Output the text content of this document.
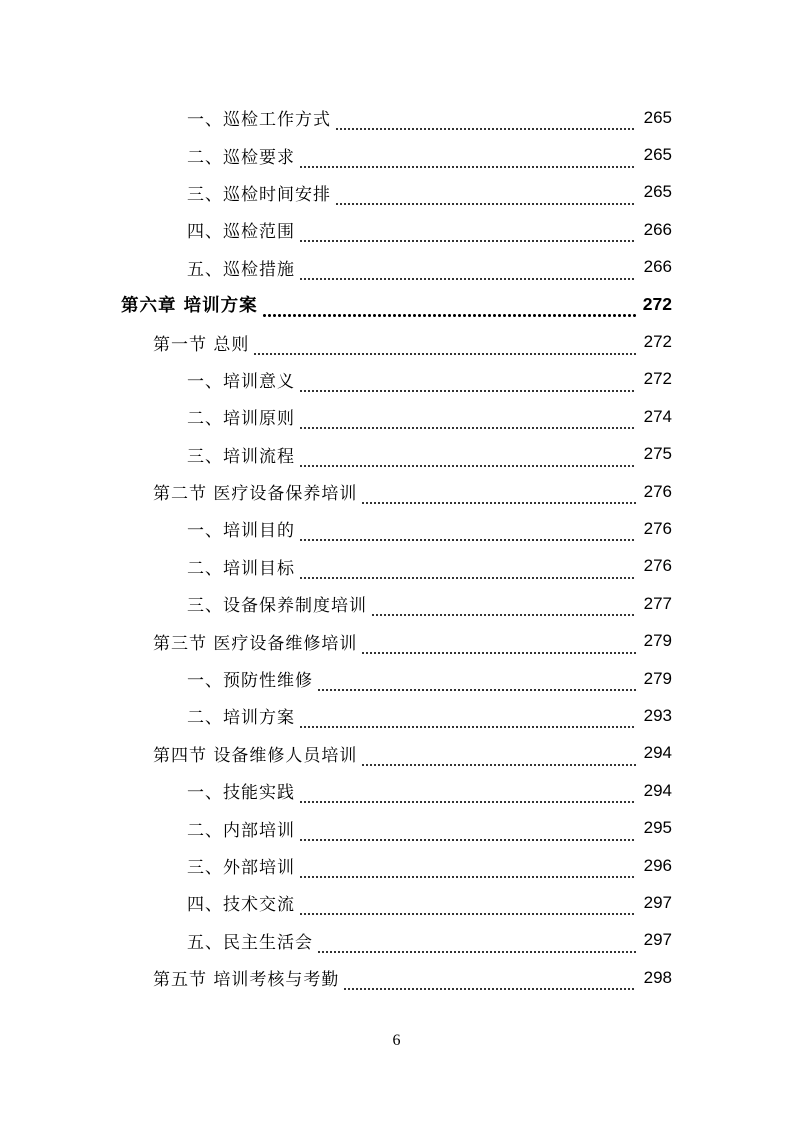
一、巡检工作方式	265
二、巡检要求	265
三、巡检时间安排	265
四、巡检范围	266
五、巡检措施	266
第六章 培训方案	272
第一节 总则	272
一、培训意义	272
二、培训原则	274
三、培训流程	275
第二节 医疗设备保养培训	276
一、培训目的	276
二、培训目标	276
三、设备保养制度培训	277
第三节 医疗设备维修培训	279
一、预防性维修	279
二、培训方案	293
第四节 设备维修人员培训	294
一、技能实践	294
二、内部培训	295
三、外部培训	296
四、技术交流	297
五、民主生活会	297
第五节 培训考核与考勤	298
6
